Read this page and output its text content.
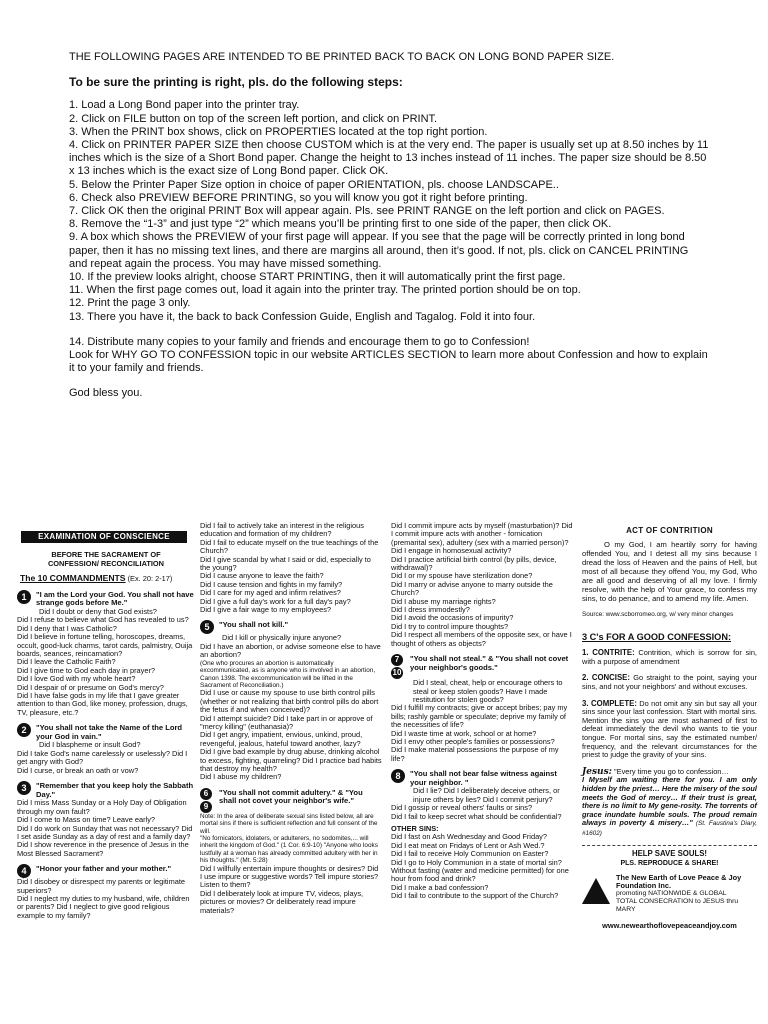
THE FOLLOWING PAGES ARE INTENDED TO BE PRINTED BACK TO BACK ON LONG BOND PAPER SIZE.
To be sure the printing is right, pls. do the following steps:
1. Load a Long Bond paper into the printer tray.
2. Click on FILE button on top of the screen left portion, and click on PRINT.
3. When the PRINT box shows, click on PROPERTIES located at the top right portion.
4. Click on PRINTER PAPER SIZE then choose CUSTOM which is at the very end. The paper is usually set up at 8.50 inches by 11 inches which is the size of a Short Bond paper. Change the height to 13 inches instead of 11 inches. The paper size should be 8.50 x 13 inches which is the exact size of Long Bond paper. Click OK.
5. Below the Printer Paper Size option in choice of paper ORIENTATION, pls. choose LANDSCAPE..
6. Check also PREVIEW BEFORE PRINTING, so you will know you got it right before printing.
7. Click OK then the original PRINT Box will appear again. Pls. see PRINT RANGE on the left portion and click on PAGES.
8. Remove the “1-3” and just type “2” which means you’ll be printing first to one side of the paper, then click OK.
9. A box which shows the PREVIEW of your first page will appear. If you see that the page will be correctly printed in long bond paper, then it has no missing text lines, and there are margins all around, then it’s good. If not, pls. click on CANCEL PRINTING and repeat again the process. You may have missed something.
10. If the preview looks alright, choose START PRINTING, then it will automatically print the first page.
11. When the first page comes out, load it again into the printer tray. The printed portion should be on top.
12. Print the page 3 only.
13. There you have it, the back to back Confession Guide, English and Tagalog. Fold it into four.
14. Distribute many copies to your family and friends and encourage them to go to Confession!
Look for WHY GO TO CONFESSION topic in our website ARTICLES SECTION to learn more about Confession and how to explain it to your family and friends.
God bless you.
EXAMINATION OF CONSCIENCE
BEFORE THE SACRAMENT OF
CONFESSION/ RECONCILIATION
The 10 COMMANDMENTS (Ex. 20: 2-17)
1	"I am the Lord your God. You shall not have strange gods before Me."
Did I doubt or deny that God exists?
Did I refuse to believe what God has revealed to us? Did I deny that I was Catholic?
Did I believe in fortune telling, horoscopes, dreams, occult, good-luck charms, tarot cards, palmistry, Ouija boards, seances, reincarnation?
Did I leave the Catholic Faith?
Did I give time to God each day in prayer?
Did I love God with my whole heart?
Did I despair of or presume on God's mercy?
Did I have false gods in my life that I gave greater attention to than God, like money, profession, drugs, TV, pleasure, etc.?
2	"You shall not take the Name of the Lord your God in vain."
Did I blaspheme or insult God?
Did I take God's name carelessly or uselessly? Did I get angry with God?
Did I curse, or break an oath or vow?
3	"Remember that you keep holy the Sabbath Day."
Did I miss Mass Sunday or a Holy Day of Obligation through my own fault?
Did I come to Mass on time? Leave early?
Did I do work on Sunday that was not necessary? Did I set aside Sunday as a day of rest and a family day?
Did I show reverence in the presence of Jesus in the Most Blessed Sacrament?
4	"Honor your father and your mother."
Did I disobey or disrespect my parents or legitimate superiors?
Did I neglect my duties to my husband, wife, children or parents? Did I neglect to give good religious example to my family?
Did I fail to actively take an interest in the religious education and formation of my children?
Did I fail to educate myself on the true teachings of the Church?
Did I give scandal by what I said or did, especially to the young?
Did I cause anyone to leave the faith?
Did I cause tension and fights in my family?
Did I care for my aged and infirm relatives?
Did I give a full day's work for a full day's pay?
Did I give a fair wage to my employees?
5	"You shall not kill."
Did I kill or physically injure anyone?
Did I have an abortion, or advise someone else to have an abortion?
(One who procures an abortion is automatically excommunicated, as is anyone who is involved in an abortion, Canon 1398. The excommunication will be lifted in the Sacrament of Reconciliation.)
Did I use or cause my spouse to use birth control pills (whether or not realizing that birth control pills do abort the fetus if and when conceived)?
Did I attempt suicide? Did I take part in or approve of "mercy killing" (euthanasia)?
Did I get angry, impatient, envious, unkind, proud, revengeful, jealous, hateful toward another, lazy?
Did I give bad example by drug abuse, drinking alcohol to excess, fighting, quarreling? Did I practice bad habits that destroy my health?
Did I abuse my children?
6
9
"You shall not commit adultery." & "You shall not covet your neighbor's wife."
Note: In the area of deliberate sexual sins listed below, all are mortal sins if there is sufficient reflection and full consent of the will.
"No fornicators, idolaters, or adulterers, no sodomites,... will inherit the kingdom of God." (1 Cor. 6:9-10) "Anyone who looks lustfully at a woman has already committed adultery with her in his thoughts." (Mt. 5:28)
Did I willfully entertain impure thoughts or desires? Did I use impure or suggestive words? Tell impure stories? Listen to them?
Did I deliberately look at impure TV, videos, plays, pictures or movies? Or deliberately read impure materials?
Did I commit impure acts by myself (masturbation)? Did I commit impure acts with another - fornication (premarital sex), adultery (sex with a married person)?
Did I engage in homosexual activity?
Did I practice artificial birth control (by pills, device, withdrawal)?
Did I or my spouse have sterilization done?
Did I marry or advise anyone to marry outside the Church?
Did I abuse my marriage rights?
Did I dress immodestly?
Did I avoid the occasions of impurity?
Did I try to control impure thoughts?
Did I respect all members of the opposite sex, or have I thought of others as objects?
7
10
"You shall not steal." & "You shall not covet your neighbor's goods."
Did I steal, cheat, help or encourage others to steal or keep stolen goods? Have I made restitution for stolen goods?
Did I fulfill my contracts; give or accept bribes; pay my bills; rashly gamble or speculate; deprive my family of the necessities of life?
Did I waste time at work, school or at home?
Did I envy other people's families or possessions?
Did I make material possessions the purpose of my life?
8	"You shall not bear false witness against your neighbor. "
Did I lie? Did I deliberately deceive others, or injure others by lies? Did I commit perjury?
Did I gossip or reveal others' faults or sins?
Did I fail to keep secret what should be confidential?
OTHER SINS:
Did I fast on Ash Wednesday and Good Friday?
Did I eat meat on Fridays of Lent or Ash Wed.?
Did I fail to receive Holy Communion on Easter?
Did I go to Holy Communion in a state of mortal sin? Without fasting (water and medicine permitted) for one hour from food and drink?
Did I make a bad confession?
Did I fail to contribute to the support of the Church?
ACT OF CONTRITION
O my God, I am heartily sorry for having offended You, and I detest all my sins because I dread the loss of Heaven and the pains of Hell, but most of all because they offend You, my God, Who are all good and deserving of all my love. I firmly resolve, with the help of Your grace, to confess my sins, to do penance, and to amend my life. Amen.
Source: www.scborromeo.org, w/ very minor changes
3 C's FOR A GOOD CONFESSION:
1. CONTRITE: Contrition, which is sorrow for sin, with a purpose of amendment
2. CONCISE: Go straight to the point, saying your sins, and not your neighbors' and without excuses.
3. COMPLETE: Do not omit any sin but say all your sins since your last confession. Start with mortal sins. Mention the sins you are most ashamed of first to defeat immediately the devil who wants to tie your tongue. For mortal sins, say the estimated number/ frequency, and the relevant circumstances for the priest to judge the gravity of your sins.
Jesus: "Every time you go to confession…
I Myself am waiting there for you. I am only hidden by the priest… Here the misery of the soul meets the God of mercy… If their trust is great, there is no limit to My gene-rosity. The torrents of grace inundate humble souls. The proud remain always in poverty & misery…" (St. Faustina's Diary, #1602)
HELP SAVE SOULS!
PLS. REPRODUCE & SHARE!
The New Earth of Love Peace & Joy Foundation Inc.
promoting NATIONWIDE & GLOBAL
TOTAL CONSECRATION to JESUS thru MARY
www.newearthoflovepeaceandjoy.com
